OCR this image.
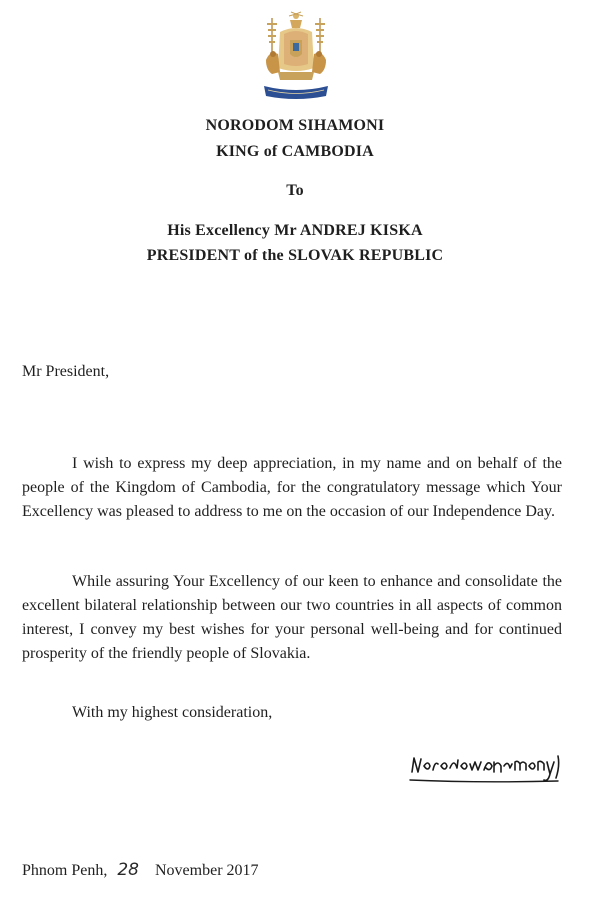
NORODOM SIHAMONI
KING of CAMBODIA
To
His Excellency Mr ANDREJ KISKA
PRESIDENT of the SLOVAK REPUBLIC
Mr President,

I wish to express my deep appreciation, in my name and on behalf of the people of the Kingdom of Cambodia, for the congratulatory message which Your Excellency was pleased to address to me on the occasion of our Independence Day.

While assuring Your Excellency of our keen to enhance and consolidate the excellent bilateral relationship between our two countries in all aspects of common interest, I convey my best wishes for your personal well-being and for continued prosperity of the friendly people of Slovakia.

With my highest consideration,
Phnom Penh, 28 November 2017
